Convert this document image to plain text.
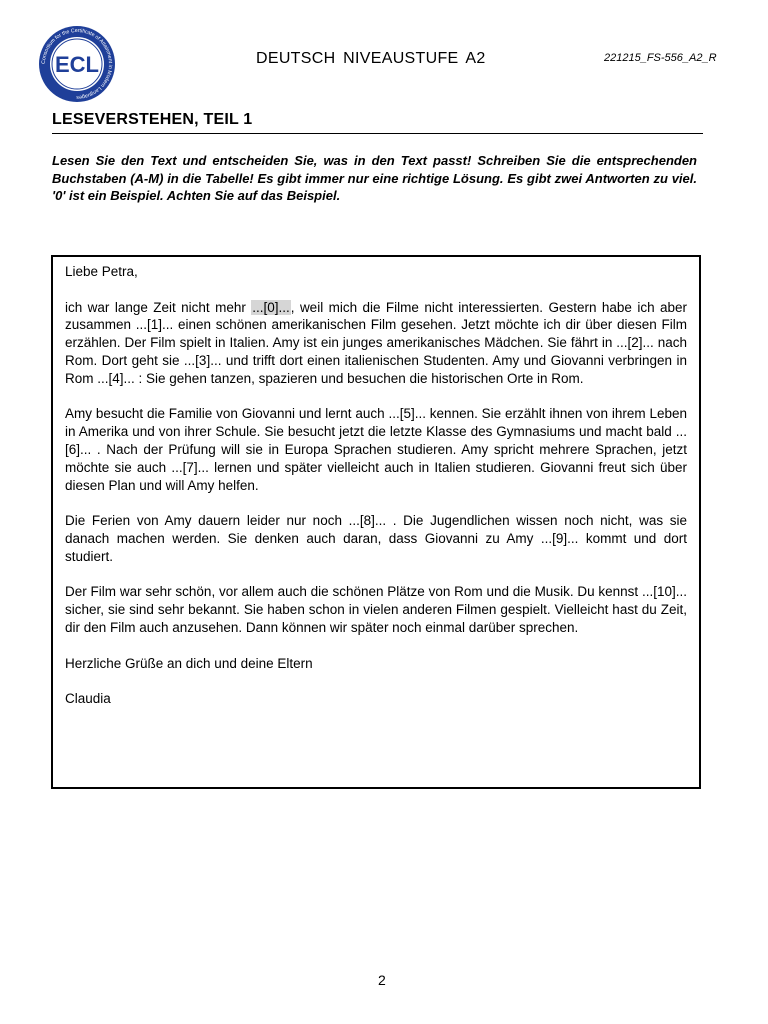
Consortium for the Certificate of Attainment in Modern Languages
ECL	DEUTSCH NIVEAUSTUFE A2	221215_FS-556_A2_R
LESEVERSTEHEN, TEIL 1
Lesen Sie den Text und entscheiden Sie, was in den Text passt! Schreiben Sie die entsprechenden Buchstaben (A-M) in die Tabelle! Es gibt immer nur eine richtige Lösung. Es gibt zwei Antworten zu viel. '0' ist ein Beispiel. Achten Sie auf das Beispiel.

Liebe Petra,

ich war lange Zeit nicht mehr ...[0]..., weil mich die Filme nicht interessierten. Gestern habe ich aber zusammen ...[1]... einen schönen amerikanischen Film gesehen. Jetzt möchte ich dir über diesen Film erzählen. Der Film spielt in Italien. Amy ist ein junges amerikanisches Mädchen. Sie fährt in ...[2]... nach Rom. Dort geht sie ...[3]... und trifft dort einen italienischen Studenten. Amy und Giovanni verbringen in Rom ...[4]... : Sie gehen tanzen, spazieren und besuchen die historischen Orte in Rom.

Amy besucht die Familie von Giovanni und lernt auch ...[5]... kennen. Sie erzählt ihnen von ihrem Leben in Amerika und von ihrer Schule. Sie besucht jetzt die letzte Klasse des Gymnasiums und macht bald ...[6]... . Nach der Prüfung will sie in Europa Sprachen studieren. Amy spricht mehrere Sprachen, jetzt möchte sie auch ...[7]... lernen und später vielleicht auch in Italien studieren. Giovanni freut sich über diesen Plan und will Amy helfen.

Die Ferien von Amy dauern leider nur noch ...[8]... . Die Jugendlichen wissen noch nicht, was sie danach machen werden. Sie denken auch daran, dass Giovanni zu Amy ...[9]... kommt und dort studiert.

Der Film war sehr schön, vor allem auch die schönen Plätze von Rom und die Musik. Du kennst ...[10]... sicher, sie sind sehr bekannt. Sie haben schon in vielen anderen Filmen gespielt. Vielleicht hast du Zeit, dir den Film auch anzusehen. Dann können wir später noch einmal darüber sprechen.

Herzliche Grüße an dich und deine Eltern

Claudia

2
